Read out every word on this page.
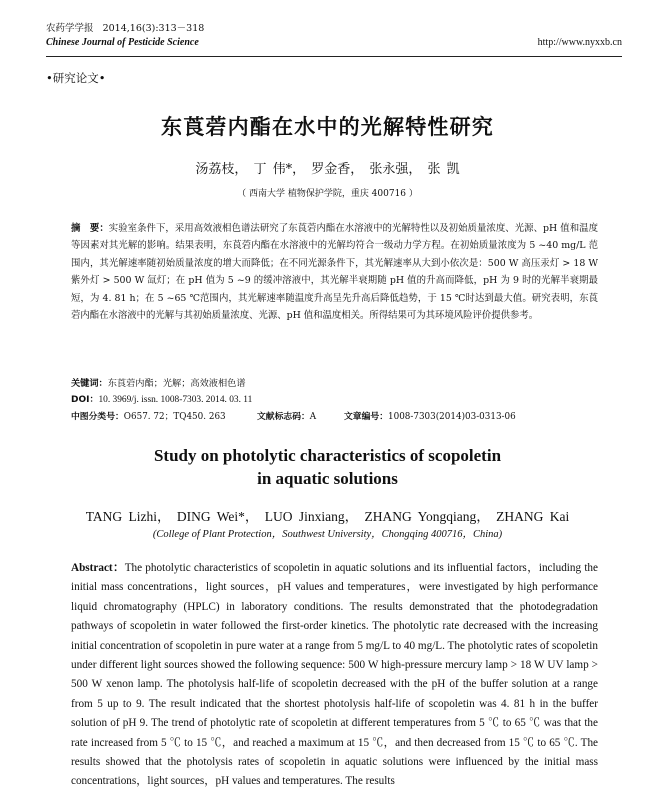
农药学学报 2014,16(3):313－318
Chinese Journal of Pesticide Science	http://www.nyxxb.cn
•研究论文•
东莨菪内酯在水中的光解特性研究
汤荔枝， 丁 伟*， 罗金香， 张永强， 张 凯
（ 西南大学 植物保护学院，重庆 400716 ）
摘　要：实验室条件下，采用高效液相色谱法研究了东莨菪内酯在水溶液中的光解特性以及初始质量浓度、光源、pH 值和温度等因素对其光解的影响。结果表明，东莨菪内酯在水溶液中的光解均符合一级动力学方程。在初始质量浓度为 5 ~40 mg/L 范围内，其光解速率随初始质量浓度的增大而降低；在不同光源条件下，其光解速率从大到小依次是：500 W 高压汞灯 > 18 W 紫外灯 > 500 W 氙灯；在 pH 值为 5 ~9 的缓冲溶液中，其光解半衰期随 pH 值的升高而降低，pH 为 9 时的光解半衰期最短，为 4. 81 h；在 5 ~65 ℃范围内，其光解速率随温度升高呈先升高后降低趋势，于 15 ℃时达到最大值。研究表明，东莨菪内酯在水溶液中的光解与其初始质量浓度、光源、pH 值和温度相关。所得结果可为其环境风险评价提供参考。
关键词：东莨菪内酯；光解；高效液相色谱
DOI：10. 3969/j. issn. 1008-7303. 2014. 03. 11
中图分类号：O657. 72；TQ450. 263	文献标志码：A	文章编号：1008-7303(2014)03-0313-06
Study on photolytic characteristics of scopoletin
in aquatic solutions
TANG Lizhi， DING Wei*， LUO Jinxiang， ZHANG Yongqiang， ZHANG Kai
(College of Plant Protection，Southwest University，Chongqing 400716，China)
Abstract：The photolytic characteristics of scopoletin in aquatic solutions and its influential factors，including the initial mass concentrations，light sources，pH values and temperatures，were investigated by high performance liquid chromatography (HPLC) in laboratory conditions. The results demonstrated that the photodegradation pathways of scopoletin in water followed the first-order kinetics. The photolytic rate decreased with the increasing initial concentration of scopoletin in pure water at a range from 5 mg/L to 40 mg/L. The photolytic rates of scopoletin under different light sources showed the following sequence: 500 W high-pressure mercury lamp > 18 W UV lamp > 500 W xenon lamp. The photolysis half-life of scopoletin decreased with the pH of the buffer solution at a range from 5 up to 9. The result indicated that the shortest photolysis half-life of scopoletin was 4. 81 h in the buffer solution of pH 9. The trend of photolytic rate of scopoletin at different temperatures from 5 ℃ to 65 ℃ was that the rate increased from 5 ℃ to 15 ℃，and reached a maximum at 15 ℃，and then decreased from 15 ℃ to 65 ℃. The results showed that the photolysis rates of scopoletin in aquatic solutions were influenced by the initial mass concentrations，light sources，pH values and temperatures. The results
